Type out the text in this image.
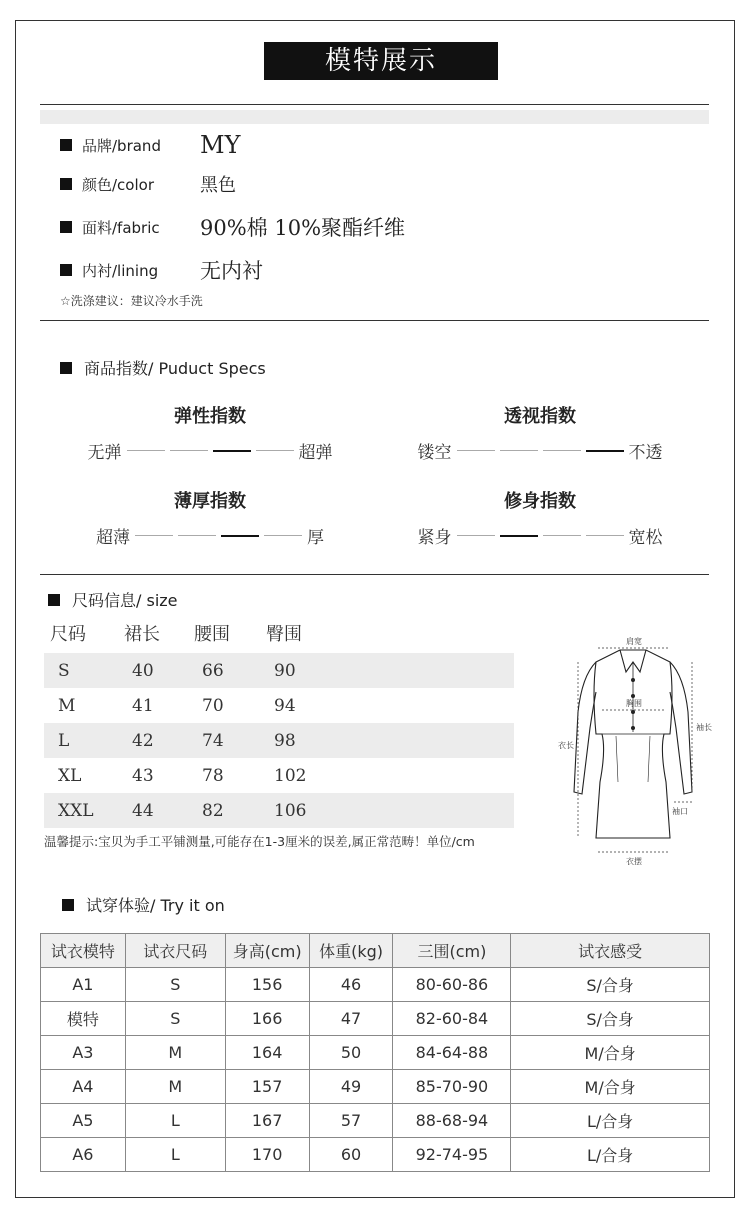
模特展示
品牌/brand MY
颜色/color	黑色
面料/fabric 90%棉 10%聚酯纤维
内衬/lining 无内衬
☆洗涤建议：建议冷水手洗
商品指数/ Puduct Specs
弹性指数
无弹	超弹
透视指数
镂空	不透
薄厚指数
超薄	厚
修身指数
紧身	宽松
尺码信息/ size
尺码	裙长	腰围	臀围
S	40	66	90
M	41	70	94
L	42	74	98
XL	43	78	102
XXL	44	82	106
温馨提示:宝贝为手工平铺测量,可能存在1-3厘米的误差,属正常范畴！单位/cm
肩宽
胸围
衣长
袖长
袖口
衣摆
试穿体验/ Try it on
试衣模特	试衣尺码	身高(cm)	体重(kg)	三围(cm)	试衣感受
A1	S	156	46	80-60-86	S/合身
模特	S	166	47	82-60-84	S/合身
A3	M	164	50	84-64-88	M/合身
A4	M	157	49	85-70-90	M/合身
A5	L	167	57	88-68-94	L/合身
A6	L	170	60	92-74-95	L/合身
